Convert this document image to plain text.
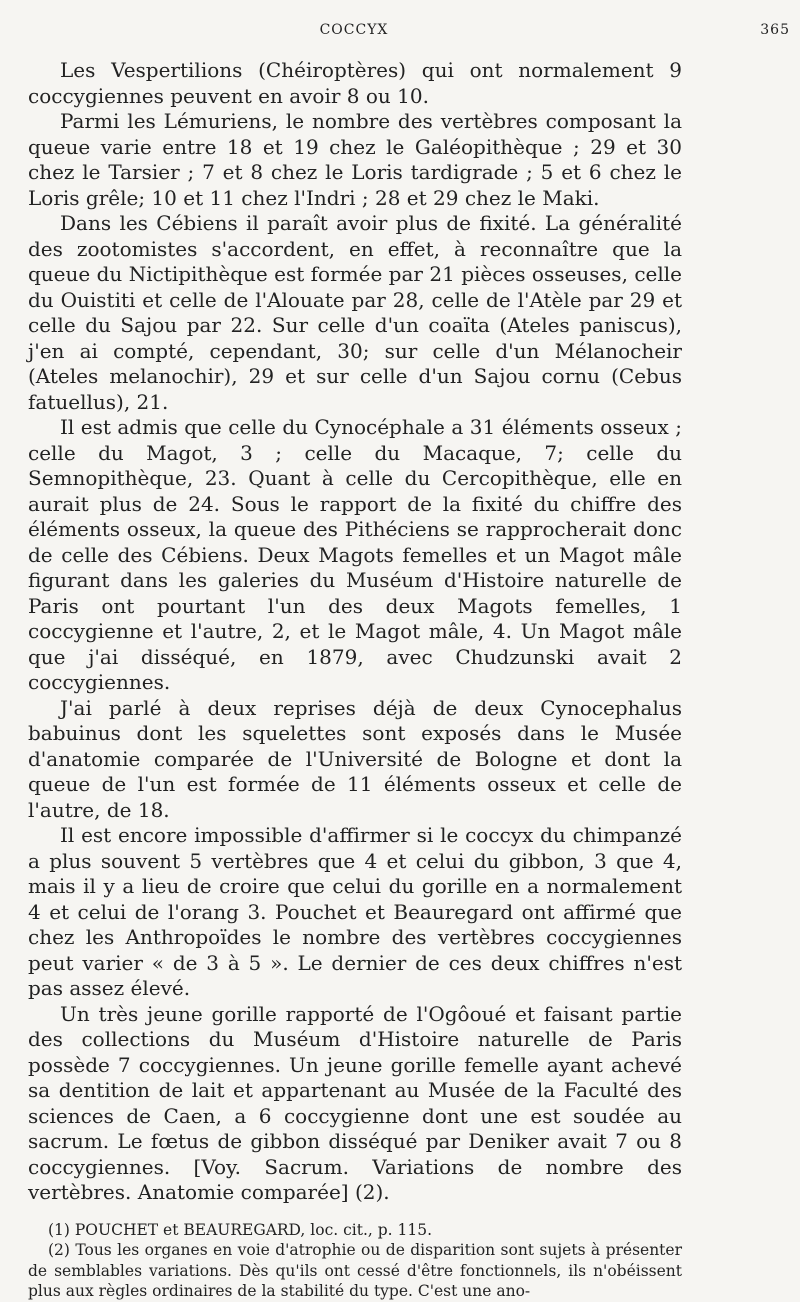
COCCYX	365

Les Vespertilions (Chéiroptères) qui ont normalement 9 coccygiennes peuvent en avoir 8 ou 10.

Parmi les Lémuriens, le nombre des vertèbres composant la queue varie entre 18 et 19 chez le Galéopithèque ; 29 et 30 chez le Tarsier ; 7 et 8 chez le Loris tardigrade ; 5 et 6 chez le Loris grêle; 10 et 11 chez l'Indri ; 28 et 29 chez le Maki.

Dans les Cébiens il paraît avoir plus de fixité. La généralité des zootomistes s'accordent, en effet, à reconnaître que la queue du Nictipithèque est formée par 21 pièces osseuses, celle du Ouistiti et celle de l'Alouate par 28, celle de l'Atèle par 29 et celle du Sajou par 22. Sur celle d'un coaïta (Ateles paniscus), j'en ai compté, cependant, 30; sur celle d'un Mélanocheir (Ateles melanochir), 29 et sur celle d'un Sajou cornu (Cebus fatuellus), 21.

Il est admis que celle du Cynocéphale a 31 éléments osseux ; celle du Magot, 3 ; celle du Macaque, 7; celle du Semnopithèque, 23. Quant à celle du Cercopithèque, elle en aurait plus de 24. Sous le rapport de la fixité du chiffre des éléments osseux, la queue des Pithéciens se rapprocherait donc de celle des Cébiens. Deux Magots femelles et un Magot mâle figurant dans les galeries du Muséum d'Histoire naturelle de Paris ont pourtant l'un des deux Magots femelles, 1 coccygienne et l'autre, 2, et le Magot mâle, 4. Un Magot mâle que j'ai disséqué, en 1879, avec Chudzunski avait 2 coccygiennes.

J'ai parlé à deux reprises déjà de deux Cynocephalus babuinus dont les squelettes sont exposés dans le Musée d'anatomie comparée de l'Université de Bologne et dont la queue de l'un est formée de 11 éléments osseux et celle de l'autre, de 18.

Il est encore impossible d'affirmer si le coccyx du chimpanzé a plus souvent 5 vertèbres que 4 et celui du gibbon, 3 que 4, mais il y a lieu de croire que celui du gorille en a normalement 4 et celui de l'orang 3. Pouchet et Beauregard ont affirmé que chez les Anthropoïdes le nombre des vertèbres coccygiennes peut varier « de 3 à 5 ». Le dernier de ces deux chiffres n'est pas assez élevé.

Un très jeune gorille rapporté de l'Ogôoué et faisant partie des collections du Muséum d'Histoire naturelle de Paris possède 7 coccygiennes. Un jeune gorille femelle ayant achevé sa dentition de lait et appartenant au Musée de la Faculté des sciences de Caen, a 6 coccygienne dont une est soudée au sacrum. Le fœtus de gibbon disséqué par Deniker avait 7 ou 8 coccygiennes. [Voy. Sacrum. Variations de nombre des vertèbres. Anatomie comparée] (2).

(1) POUCHET et BEAUREGARD, loc. cit., p. 115.

(2) Tous les organes en voie d'atrophie ou de disparition sont sujets à présenter de semblables variations. Dès qu'ils ont cessé d'être fonctionnels, ils n'obéissent plus aux règles ordinaires de la stabilité du type. C'est une ano-
